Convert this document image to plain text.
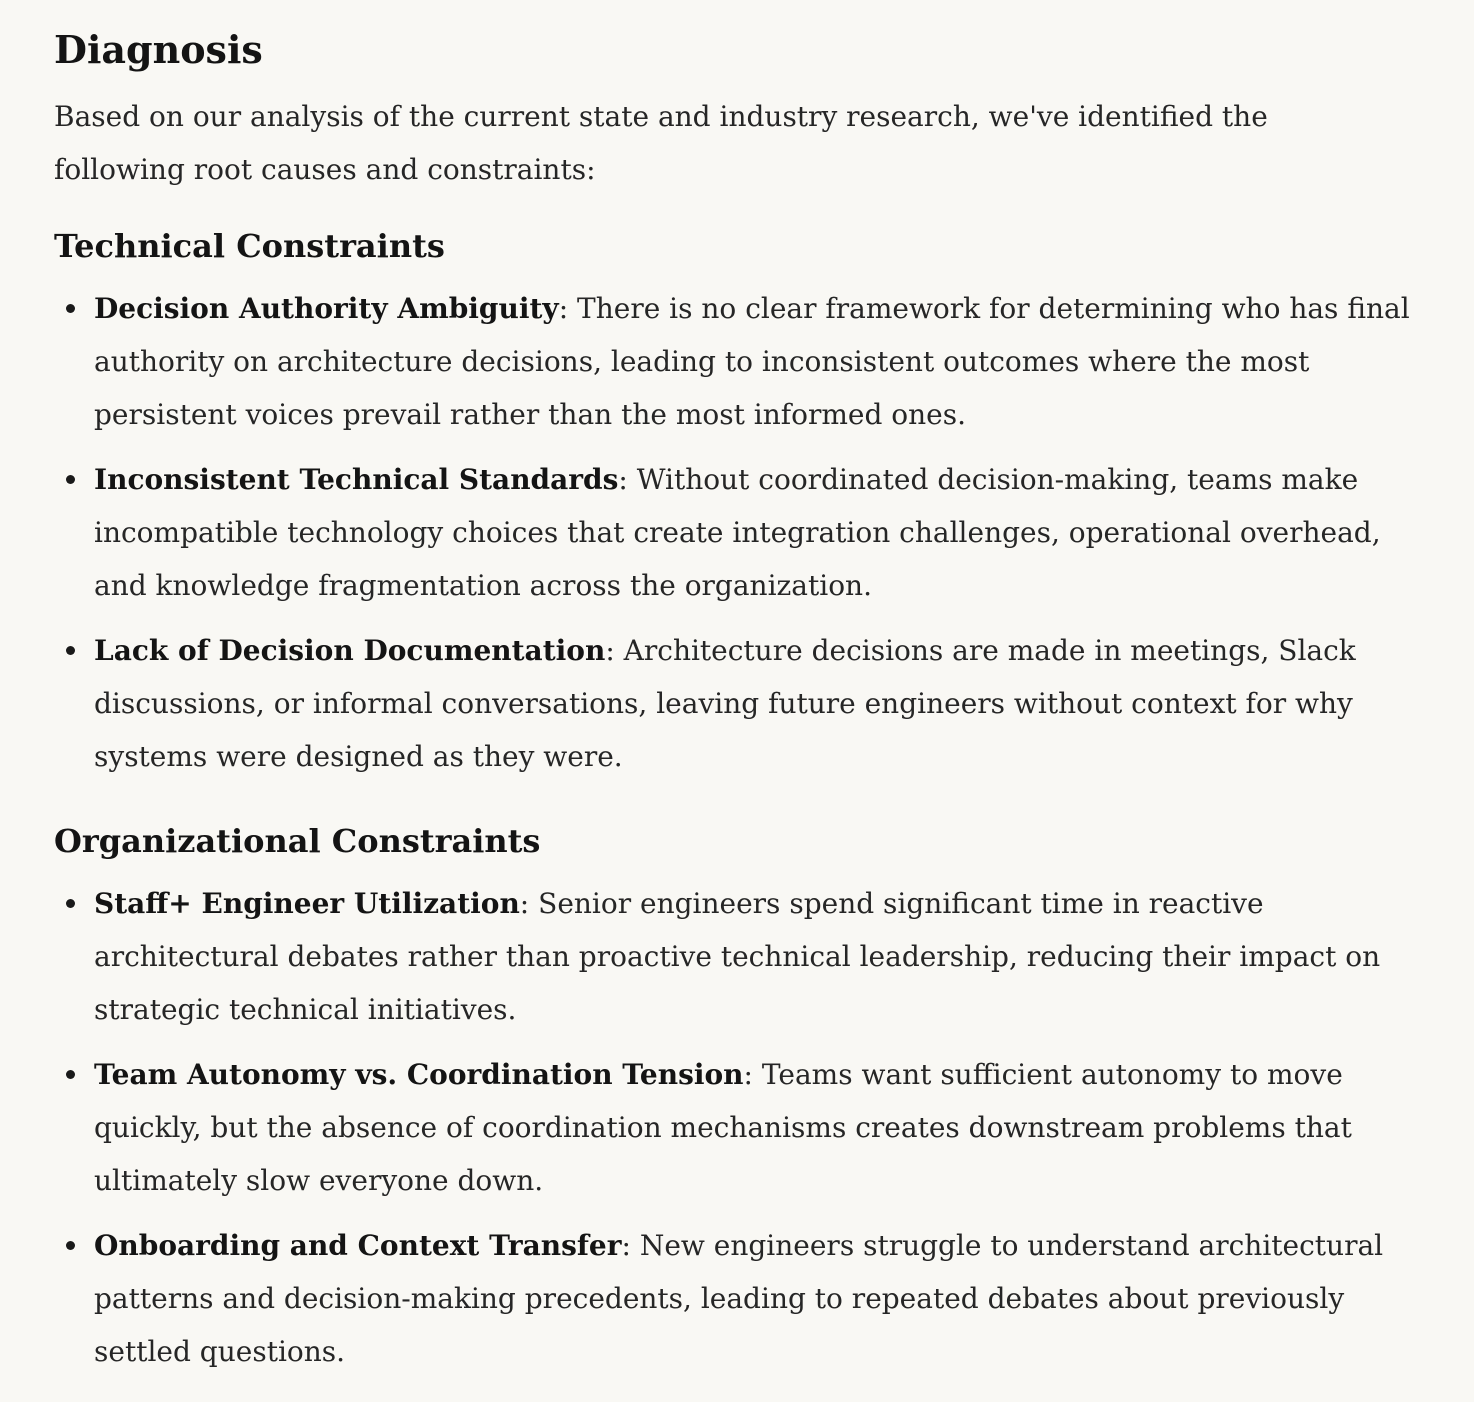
Diagnosis

Based on our analysis of the current state and industry research, we've identified the following root causes and constraints:

Technical Constraints
Decision Authority Ambiguity: There is no clear framework for determining who has final authority on architecture decisions, leading to inconsistent outcomes where the most persistent voices prevail rather than the most informed ones.
Inconsistent Technical Standards: Without coordinated decision-making, teams make incompatible technology choices that create integration challenges, operational overhead, and knowledge fragmentation across the organization.
Lack of Decision Documentation: Architecture decisions are made in meetings, Slack discussions, or informal conversations, leaving future engineers without context for why systems were designed as they were.
Organizational Constraints
Staff+ Engineer Utilization: Senior engineers spend significant time in reactive architectural debates rather than proactive technical leadership, reducing their impact on strategic technical initiatives.
Team Autonomy vs. Coordination Tension: Teams want sufficient autonomy to move quickly, but the absence of coordination mechanisms creates downstream problems that ultimately slow everyone down.
Onboarding and Context Transfer: New engineers struggle to understand architectural patterns and decision-making precedents, leading to repeated debates about previously settled questions.
